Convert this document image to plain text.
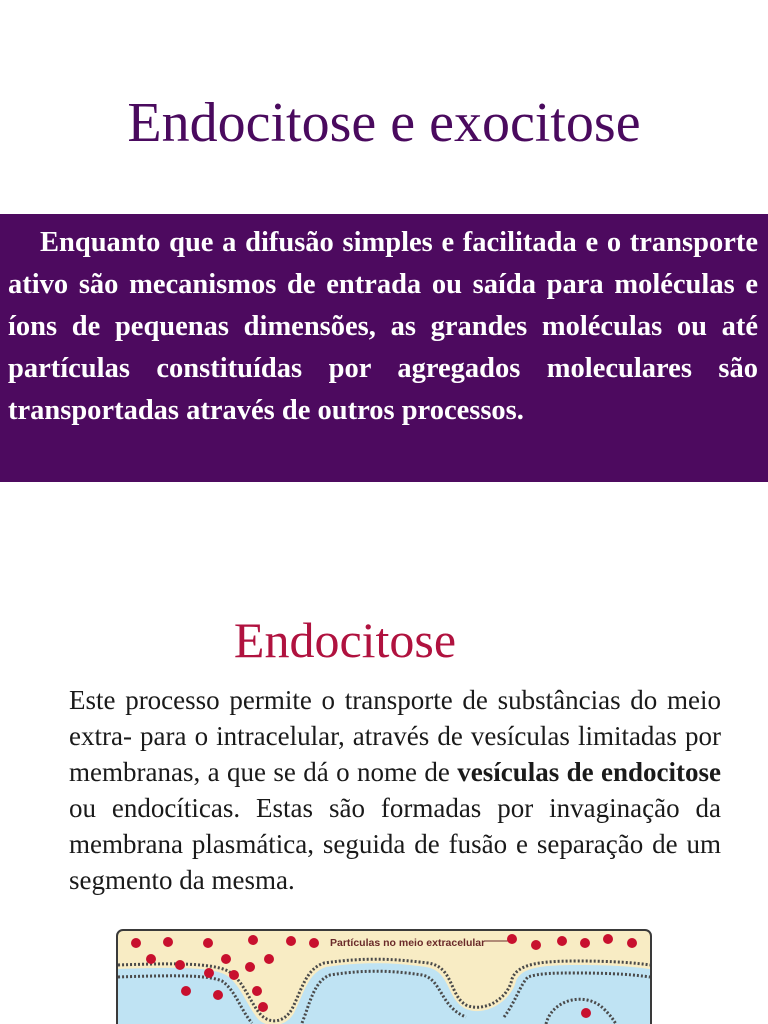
Endocitose e exocitose

Enquanto que a difusão simples e facilitada e o transporte ativo são mecanismos de entrada ou saída para moléculas e íons de pequenas dimensões, as grandes moléculas ou até partículas constituídas por agregados moleculares são transportadas através de outros processos.

Endocitose

Este processo permite o transporte de substâncias do meio extra- para o intracelular, através de vesículas limitadas por membranas, a que se dá o nome de vesículas de endocitose ou endocíticas. Estas são formadas por invaginação da membrana plasmática, seguida de fusão e separação de um segmento da mesma.

Partículas no meio extracelular
